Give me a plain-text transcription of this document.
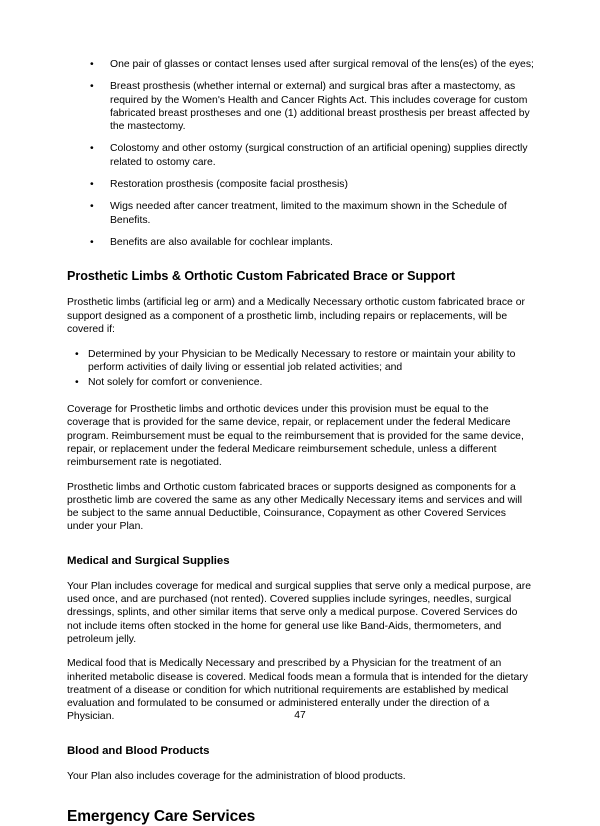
• One pair of glasses or contact lenses used after surgical removal of the lens(es) of the eyes;
• Breast prosthesis (whether internal or external) and surgical bras after a mastectomy, as required by the Women's Health and Cancer Rights Act. This includes coverage for custom fabricated breast prostheses and one (1) additional breast prosthesis per breast affected by the mastectomy.
• Colostomy and other ostomy (surgical construction of an artificial opening) supplies directly related to ostomy care.
• Restoration prosthesis (composite facial prosthesis)
• Wigs needed after cancer treatment, limited to the maximum shown in the Schedule of Benefits.
• Benefits are also available for cochlear implants.
Prosthetic Limbs & Orthotic Custom Fabricated Brace or Support

Prosthetic limbs (artificial leg or arm) and a Medically Necessary orthotic custom fabricated brace or support designed as a component of a prosthetic limb, including repairs or replacements, will be covered if:

• Determined by your Physician to be Medically Necessary to restore or maintain your ability to perform activities of daily living or essential job related activities; and
• Not solely for comfort or convenience.

Coverage for Prosthetic limbs and orthotic devices under this provision must be equal to the coverage that is provided for the same device, repair, or replacement under the federal Medicare program. Reimbursement must be equal to the reimbursement that is provided for the same device, repair, or replacement under the federal Medicare reimbursement schedule, unless a different reimbursement rate is negotiated.

Prosthetic limbs and Orthotic custom fabricated braces or supports designed as components for a prosthetic limb are covered the same as any other Medically Necessary items and services and will be subject to the same annual Deductible, Coinsurance, Copayment as other Covered Services under your Plan.

Medical and Surgical Supplies

Your Plan includes coverage for medical and surgical supplies that serve only a medical purpose, are used once, and are purchased (not rented). Covered supplies include syringes, needles, surgical dressings, splints, and other similar items that serve only a medical purpose. Covered Services do not include items often stocked in the home for general use like Band-Aids, thermometers, and petroleum jelly.

Medical food that is Medically Necessary and prescribed by a Physician for the treatment of an inherited metabolic disease is covered. Medical foods mean a formula that is intended for the dietary treatment of a disease or condition for which nutritional requirements are established by medical evaluation and formulated to be consumed or administered enterally under the direction of a Physician.

Blood and Blood Products

Your Plan also includes coverage for the administration of blood products.

Emergency Care Services
47
